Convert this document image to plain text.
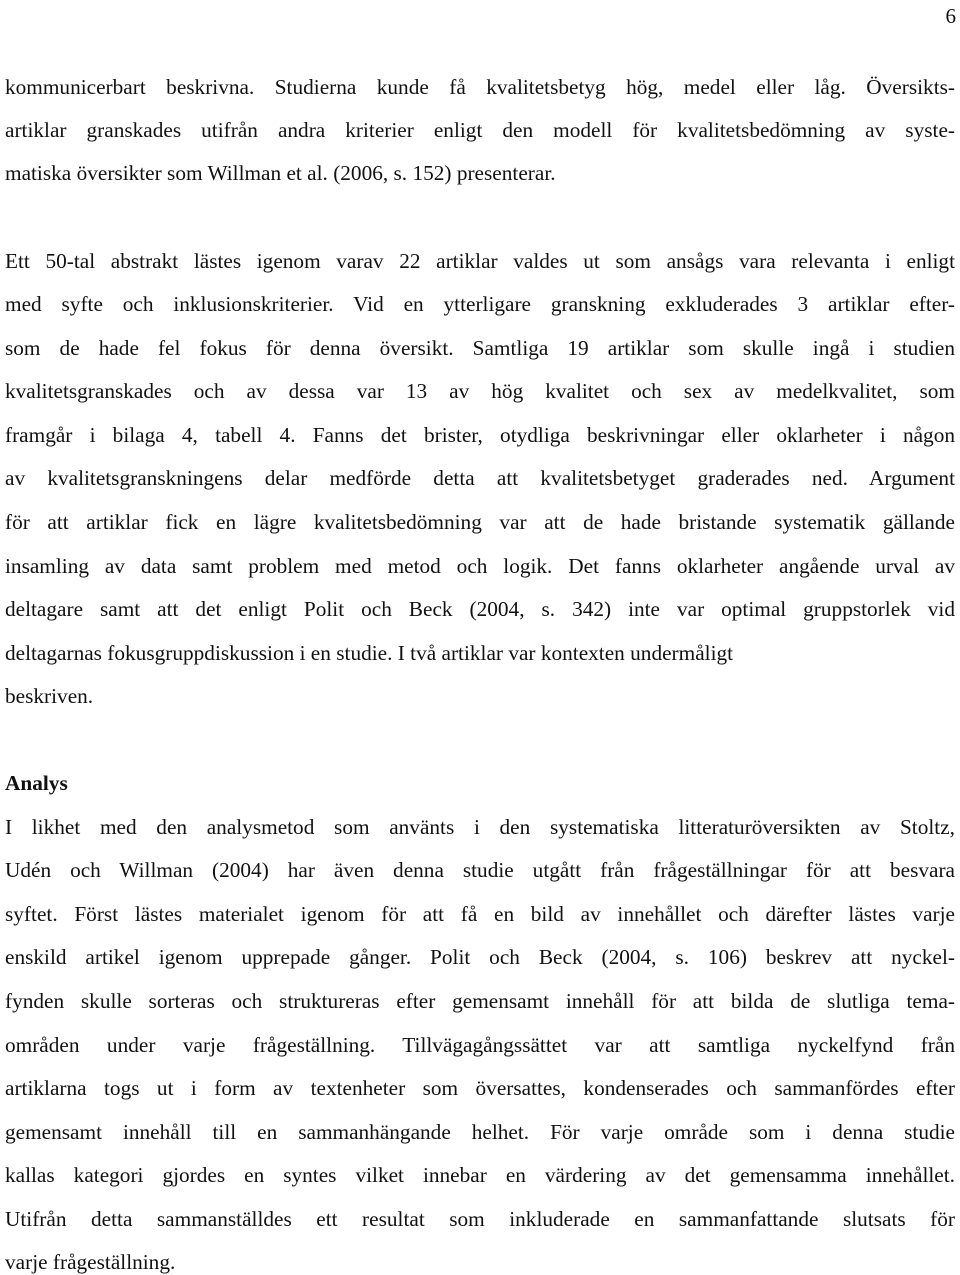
6
kommunicerbart beskrivna. Studierna kunde få kvalitetsbetyg hög, medel eller låg. Översikts-
artiklar granskades utifrån andra kriterier enligt den modell för kvalitetsbedömning av syste-
matiska översikter som Willman et al. (2006, s. 152) presenterar.
Ett 50-tal abstrakt lästes igenom varav 22 artiklar valdes ut som ansågs vara relevanta i enligt
med syfte och inklusionskriterier. Vid en ytterligare granskning exkluderades 3 artiklar efter-
som de hade fel fokus för denna översikt. Samtliga 19 artiklar som skulle ingå i studien
kvalitetsgranskades och av dessa var 13 av hög kvalitet och sex av medelkvalitet, som
framgår i bilaga 4, tabell 4. Fanns det brister, otydliga beskrivningar eller oklarheter i någon
av kvalitetsgranskningens delar medförde detta att kvalitetsbetyget graderades ned. Argument
för att artiklar fick en lägre kvalitetsbedömning var att de hade bristande systematik gällande
insamling av data samt problem med metod och logik. Det fanns oklarheter angående urval av
deltagare samt att det enligt Polit och Beck (2004, s. 342) inte var optimal gruppstorlek vid
deltagarnas fokusgruppdiskussion i en studie. I två artiklar var kontexten undermåligt
beskriven.
Analys
I likhet med den analysmetod som använts i den systematiska litteraturöversikten av Stoltz,
Udén och Willman (2004) har även denna studie utgått från frågeställningar för att besvara
syftet. Först lästes materialet igenom för att få en bild av innehållet och därefter lästes varje
enskild artikel igenom upprepade gånger. Polit och Beck (2004, s. 106) beskrev att nyckel-
fynden skulle sorteras och struktureras efter gemensamt innehåll för att bilda de slutliga tema-
områden under varje frågeställning. Tillvägagångssättet var att samtliga nyckelfynd från
artiklarna togs ut i form av textenheter som översattes, kondenserades och sammanfördes efter
gemensamt innehåll till en sammanhängande helhet. För varje område som i denna studie
kallas kategori gjordes en syntes vilket innebar en värdering av det gemensamma innehållet.
Utifrån detta sammanställdes ett resultat som inkluderade en sammanfattande slutsats för
varje frågeställning.
